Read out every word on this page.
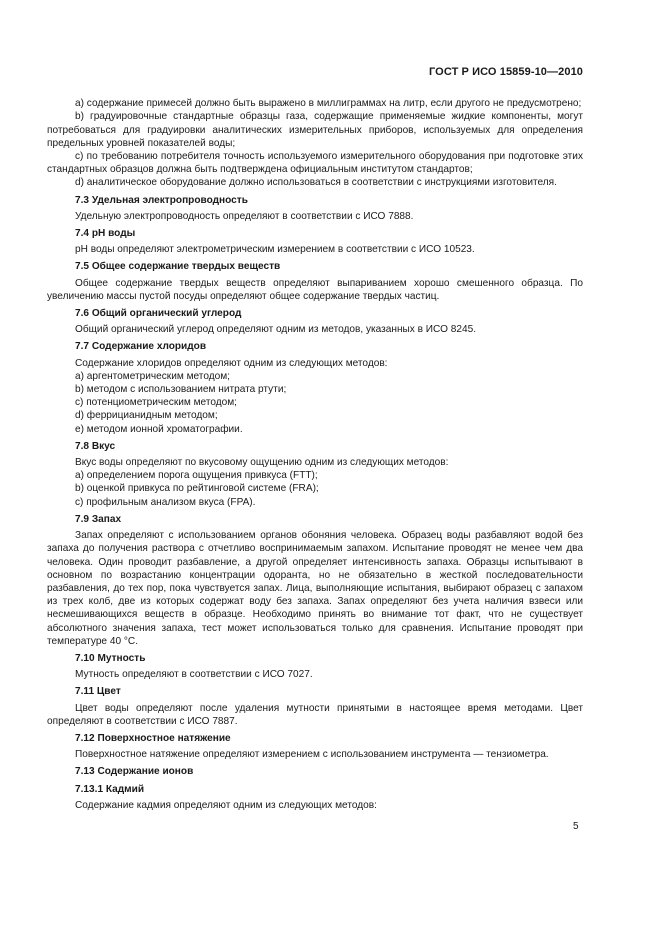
ГОСТ Р ИСО 15859-10—2010

a) содержание примесей должно быть выражено в миллиграммах на литр, если другого не предусмотрено;

b) градуировочные стандартные образцы газа, содержащие применяемые жидкие компоненты, могут потребоваться для градуировки аналитических измерительных приборов, используемых для определения предельных уровней показателей воды;

c) по требованию потребителя точность используемого измерительного оборудования при подготовке этих стандартных образцов должна быть подтверждена официальным институтом стандартов;

d) аналитическое оборудование должно использоваться в соответствии с инструкциями изготовителя.

7.3 Удельная электропроводность

Удельную электропроводность определяют в соответствии с ИСО 7888.

7.4 pH воды

pH воды определяют электрометрическим измерением в соответствии с ИСО 10523.

7.5 Общее содержание твердых веществ

Общее содержание твердых веществ определяют выпариванием хорошо смешенного образца. По увеличению массы пустой посуды определяют общее содержание твердых частиц.

7.6 Общий органический углерод

Общий органический углерод определяют одним из методов, указанных в ИСО 8245.

7.7 Содержание хлоридов

Содержание хлоридов определяют одним из следующих методов:

a) аргентометрическим методом;

b) методом с использованием нитрата ртути;

c) потенциометрическим методом;

d) феррицианидным методом;

e) методом ионной хроматографии.

7.8 Вкус

Вкус воды определяют по вкусовому ощущению одним из следующих методов:

a) определением порога ощущения привкуса (FTT);

b) оценкой привкуса по рейтинговой системе (FRA);

c) профильным анализом вкуса (FPA).

7.9 Запах

Запах определяют с использованием органов обоняния человека. Образец воды разбавляют водой без запаха до получения раствора с отчетливо воспринимаемым запахом. Испытание проводят не менее чем два человека. Один проводит разбавление, а другой определяет интенсивность запаха. Образцы испытывают в основном по возрастанию концентрации одоранта, но не обязательно в жесткой последовательности разбавления, до тех пор, пока чувствуется запах. Лица, выполняющие испытания, выбирают образец с запахом из трех колб, две из которых содержат воду без запаха. Запах определяют без учета наличия взвеси или несмешивающихся веществ в образце. Необходимо принять во внимание тот факт, что не существует абсолютного значения запаха, тест может использоваться только для сравнения. Испытание проводят при температуре 40 °С.

7.10 Мутность

Мутность определяют в соответствии с ИСО 7027.

7.11 Цвет

Цвет воды определяют после удаления мутности принятыми в настоящее время методами. Цвет определяют в соответствии с ИСО 7887.

7.12 Поверхностное натяжение

Поверхностное натяжение определяют измерением с использованием инструмента — тензиометра.

7.13 Содержание ионов
7.13.1 Кадмий

Содержание кадмия определяют одним из следующих методов:

5
